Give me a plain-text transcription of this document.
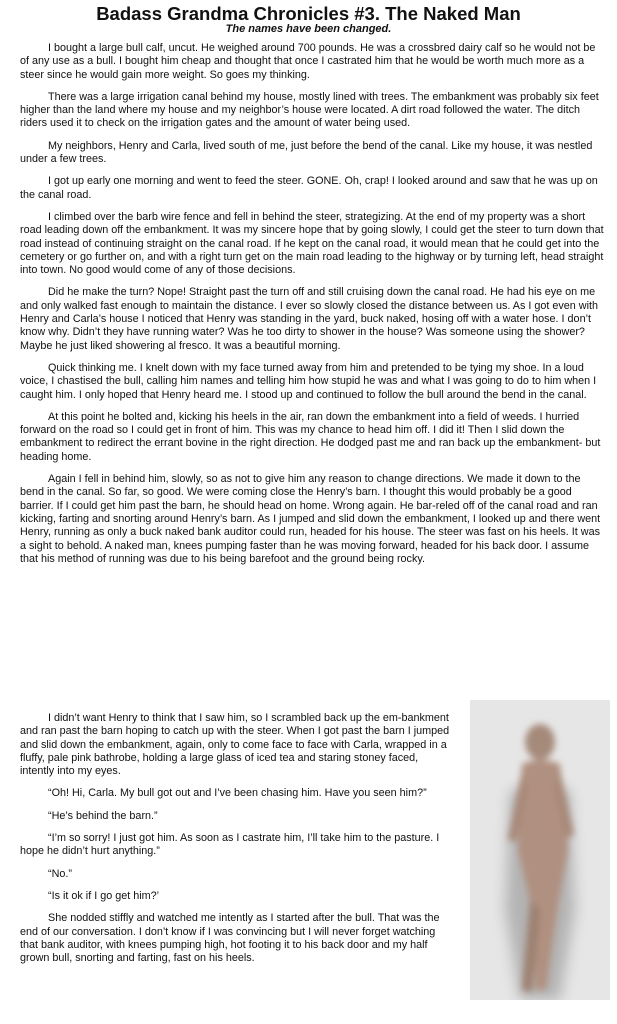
Badass Grandma Chronicles #3. The Naked Man
The names have been changed.

I bought a large bull calf, uncut. He weighed around 700 pounds. He was a crossbred dairy calf so he would not be of any use as a bull. I bought him cheap and thought that once I castrated him that he would be worth much more as a steer since he would gain more weight. So goes my thinking.

There was a large irrigation canal behind my house, mostly lined with trees. The embankment was probably six feet higher than the land where my house and my neighbor’s house were located. A dirt road followed the water. The ditch riders used it to check on the irrigation gates and the amount of water being used.

My neighbors, Henry and Carla, lived south of me, just before the bend of the canal. Like my house, it was nestled under a few trees.

I got up early one morning and went to feed the steer. GONE. Oh, crap! I looked around and saw that he was up on the canal road.

I climbed over the barb wire fence and fell in behind the steer, strategizing. At the end of my property was a short road leading down off the embankment. It was my sincere hope that by going slowly, I could get the steer to turn down that road instead of continuing straight on the canal road. If he kept on the canal road, it would mean that he could get into the cemetery or go further on, and with a right turn get on the main road leading to the highway or by turning left, head straight into town. No good would come of any of those decisions.

Did he make the turn? Nope! Straight past the turn off and still cruising down the canal road. He had his eye on me and only walked fast enough to maintain the distance. I ever so slowly closed the distance between us. As I got even with Henry and Carla’s house I noticed that Henry was standing in the yard, buck naked, hosing off with a water hose. I don’t know why. Didn’t they have running water? Was he too dirty to shower in the house? Was someone using the shower? Maybe he just liked showering al fresco. It was a beautiful morning.

Quick thinking me. I knelt down with my face turned away from him and pretended to be tying my shoe. In a loud voice, I chastised the bull, calling him names and telling him how stupid he was and what I was going to do to him when I caught him. I only hoped that Henry heard me. I stood up and continued to follow the bull around the bend in the canal.

At this point he bolted and, kicking his heels in the air, ran down the embankment into a field of weeds. I hurried forward on the road so I could get in front of him. This was my chance to head him off. I did it! Then I slid down the embankment to redirect the errant bovine in the right direction. He dodged past me and ran back up the embankment- but heading home.

Again I fell in behind him, slowly, so as not to give him any reason to change directions. We made it down to the bend in the canal. So far, so good. We were coming close the Henry’s barn. I thought this would probably be a good barrier. If I could get him past the barn, he should head on home. Wrong again. He bar-reled off of the canal road and ran kicking, farting and snorting around Henry’s barn. As I jumped and slid down the embankment, I looked up and there went Henry, running as only a buck naked bank auditor could run, headed for his house. The steer was fast on his heels. It was a sight to behold. A naked man, knees pumping faster than he was moving forward, headed for his back door. I assume that his method of running was due to his being barefoot and the ground being rocky.

I didn’t want Henry to think that I saw him, so I scrambled back up the em-bankment and ran past the barn hoping to catch up with the steer. When I got past the barn I jumped and slid down the embankment, again, only to come face to face with Carla, wrapped in a fluffy, pale pink bathrobe, holding a large glass of iced tea and staring stoney faced, intently into my eyes.

“Oh! Hi, Carla. My bull got out and I’ve been chasing him. Have you seen him?”

“He’s behind the barn.”

“I’m so sorry! I just got him. As soon as I castrate him, I’ll take him to the pasture. I hope he didn’t hurt anything.”

“No.”

“Is it ok if I go get him?’

She nodded stiffly and watched me intently as I started after the bull. That was the end of our conversation. I don’t know if I was convincing but I will never forget watching that bank auditor, with knees pumping high, hot footing it to his back door and my half grown bull, snorting and farting, fast on his heels.
